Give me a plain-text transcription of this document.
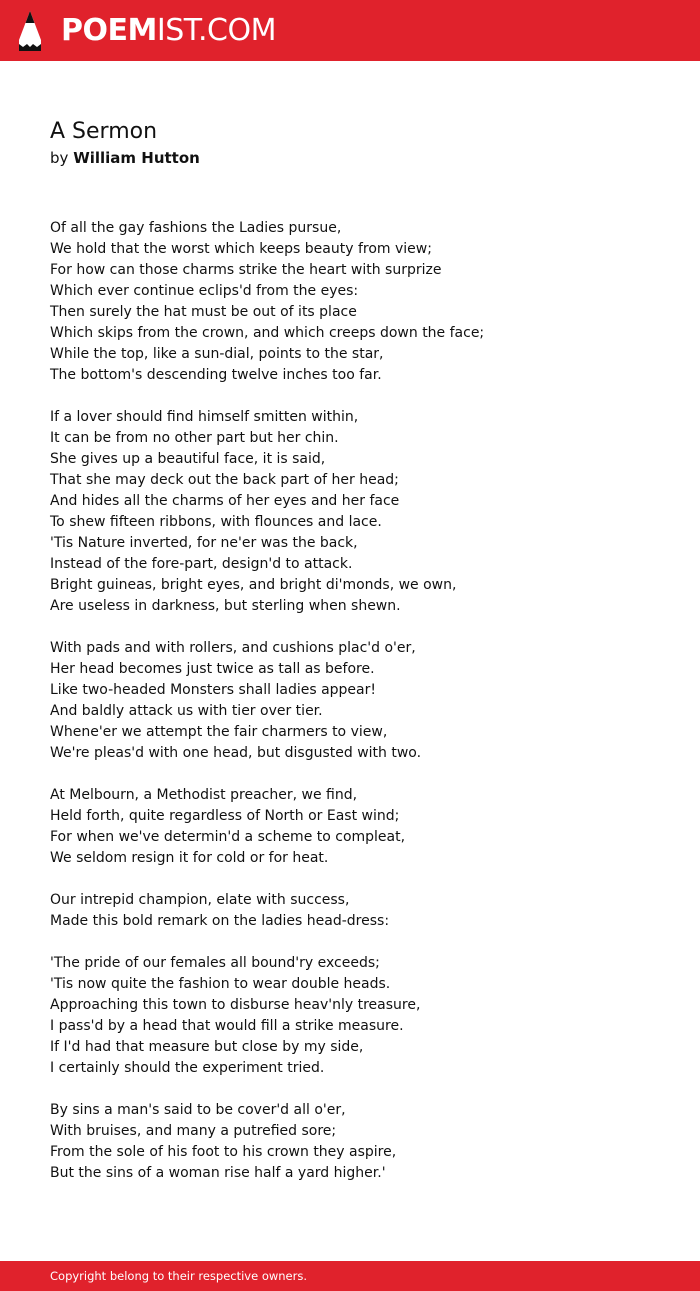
POEMIST.COM
A Sermon
by William Hutton
Of all the gay fashions the Ladies pursue,
We hold that the worst which keeps beauty from view;
For how can those charms strike the heart with surprize
Which ever continue eclips'd from the eyes:
Then surely the hat must be out of its place
Which skips from the crown, and which creeps down the face;
While the top, like a sun-dial, points to the star,
The bottom's descending twelve inches too far.
If a lover should find himself smitten within,
It can be from no other part but her chin.
She gives up a beautiful face, it is said,
That she may deck out the back part of her head;
And hides all the charms of her eyes and her face
To shew fifteen ribbons, with flounces and lace.
'Tis Nature inverted, for ne'er was the back,
Instead of the fore-part, design'd to attack.
Bright guineas, bright eyes, and bright di'monds, we own,
Are useless in darkness, but sterling when shewn.
With pads and with rollers, and cushions plac'd o'er,
Her head becomes just twice as tall as before.
Like two-headed Monsters shall ladies appear!
And baldly attack us with tier over tier.
Whene'er we attempt the fair charmers to view,
We're pleas'd with one head, but disgusted with two.
At Melbourn, a Methodist preacher, we find,
Held forth, quite regardless of North or East wind;
For when we've determin'd a scheme to compleat,
We seldom resign it for cold or for heat.
Our intrepid champion, elate with success,
Made this bold remark on the ladies head-dress:
'The pride of our females all bound'ry exceeds;
'Tis now quite the fashion to wear double heads.
Approaching this town to disburse heav'nly treasure,
I pass'd by a head that would fill a strike measure.
If I'd had that measure but close by my side,
I certainly should the experiment tried.
By sins a man's said to be cover'd all o'er,
With bruises, and many a putrefied sore;
From the sole of his foot to his crown they aspire,
But the sins of a woman rise half a yard higher.'
Copyright belong to their respective owners.
